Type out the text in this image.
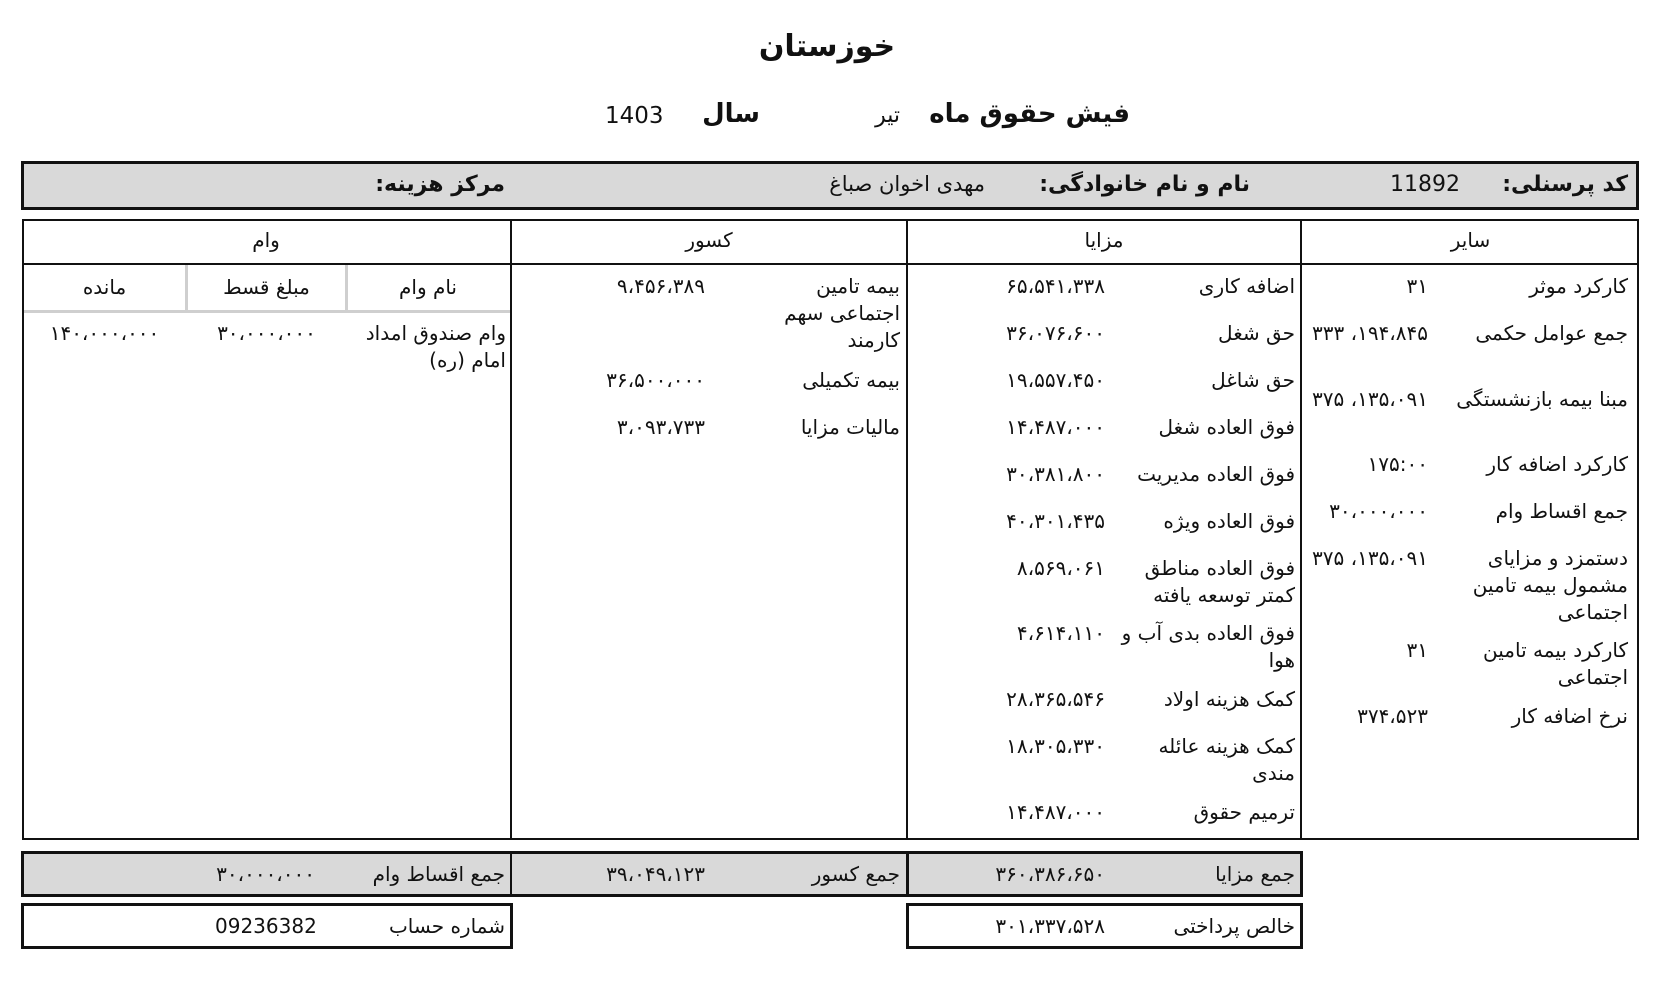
خوزستان
فیش حقوق ماه
تیر
سال
1403
کد پرسنلی:
11892
نام و نام خانوادگی:
مهدی اخوان صباغ
مرکز هزینه:
سایر
مزایا
کسور
وام
نام وام
مبلغ قسط
مانده	کارکرد موثر
۳۱
جمع عوامل حکمی
۱۹۴،۸۴۵، ۳۳۳
مبنا بیمه بازنشستگی
۱۳۵،۰۹۱، ۳۷۵
کارکرد اضافه کار
۱۷۵:۰۰
جمع اقساط وام
۳۰،۰۰۰،۰۰۰
دستمزد و مزایای مشمول بیمه تامین اجتماعی
۱۳۵،۰۹۱، ۳۷۵
کارکرد بیمه تامین اجتماعی
۳۱
نرخ اضافه کار
۳۷۴،۵۲۳
اضافه کاری
۶۵،۵۴۱،۳۳۸
حق شغل
۳۶،۰۷۶،۶۰۰
حق شاغل
۱۹،۵۵۷،۴۵۰
فوق العاده شغل
۱۴،۴۸۷،۰۰۰
فوق العاده مدیریت
۳۰،۳۸۱،۸۰۰
فوق العاده ویژه
۴۰،۳۰۱،۴۳۵
فوق العاده مناطق کمتر توسعه یافته
۸،۵۶۹،۰۶۱
فوق العاده بدی آب و هوا
۴،۶۱۴،۱۱۰
کمک هزینه اولاد
۲۸،۳۶۵،۵۴۶
کمک هزینه عائله مندی
۱۸،۳۰۵،۳۳۰
ترمیم حقوق
۱۴،۴۸۷،۰۰۰
بیمه تامین اجتماعی سهم کارمند
۹،۴۵۶،۳۸۹
بیمه تکمیلی
۳۶،۵۰۰،۰۰۰
مالیات مزایا
۳،۰۹۳،۷۳۳
وام صندوق امداد امام (ره)
۳۰،۰۰۰،۰۰۰
۱۴۰،۰۰۰،۰۰۰
جمع مزایا
۳۶۰،۳۸۶،۶۵۰
جمع کسور
۳۹،۰۴۹،۱۲۳
جمع اقساط وام
۳۰،۰۰۰،۰۰۰
خالص پرداختی
۳۰۱،۳۳۷،۵۲۸
شماره حساب
09236382
